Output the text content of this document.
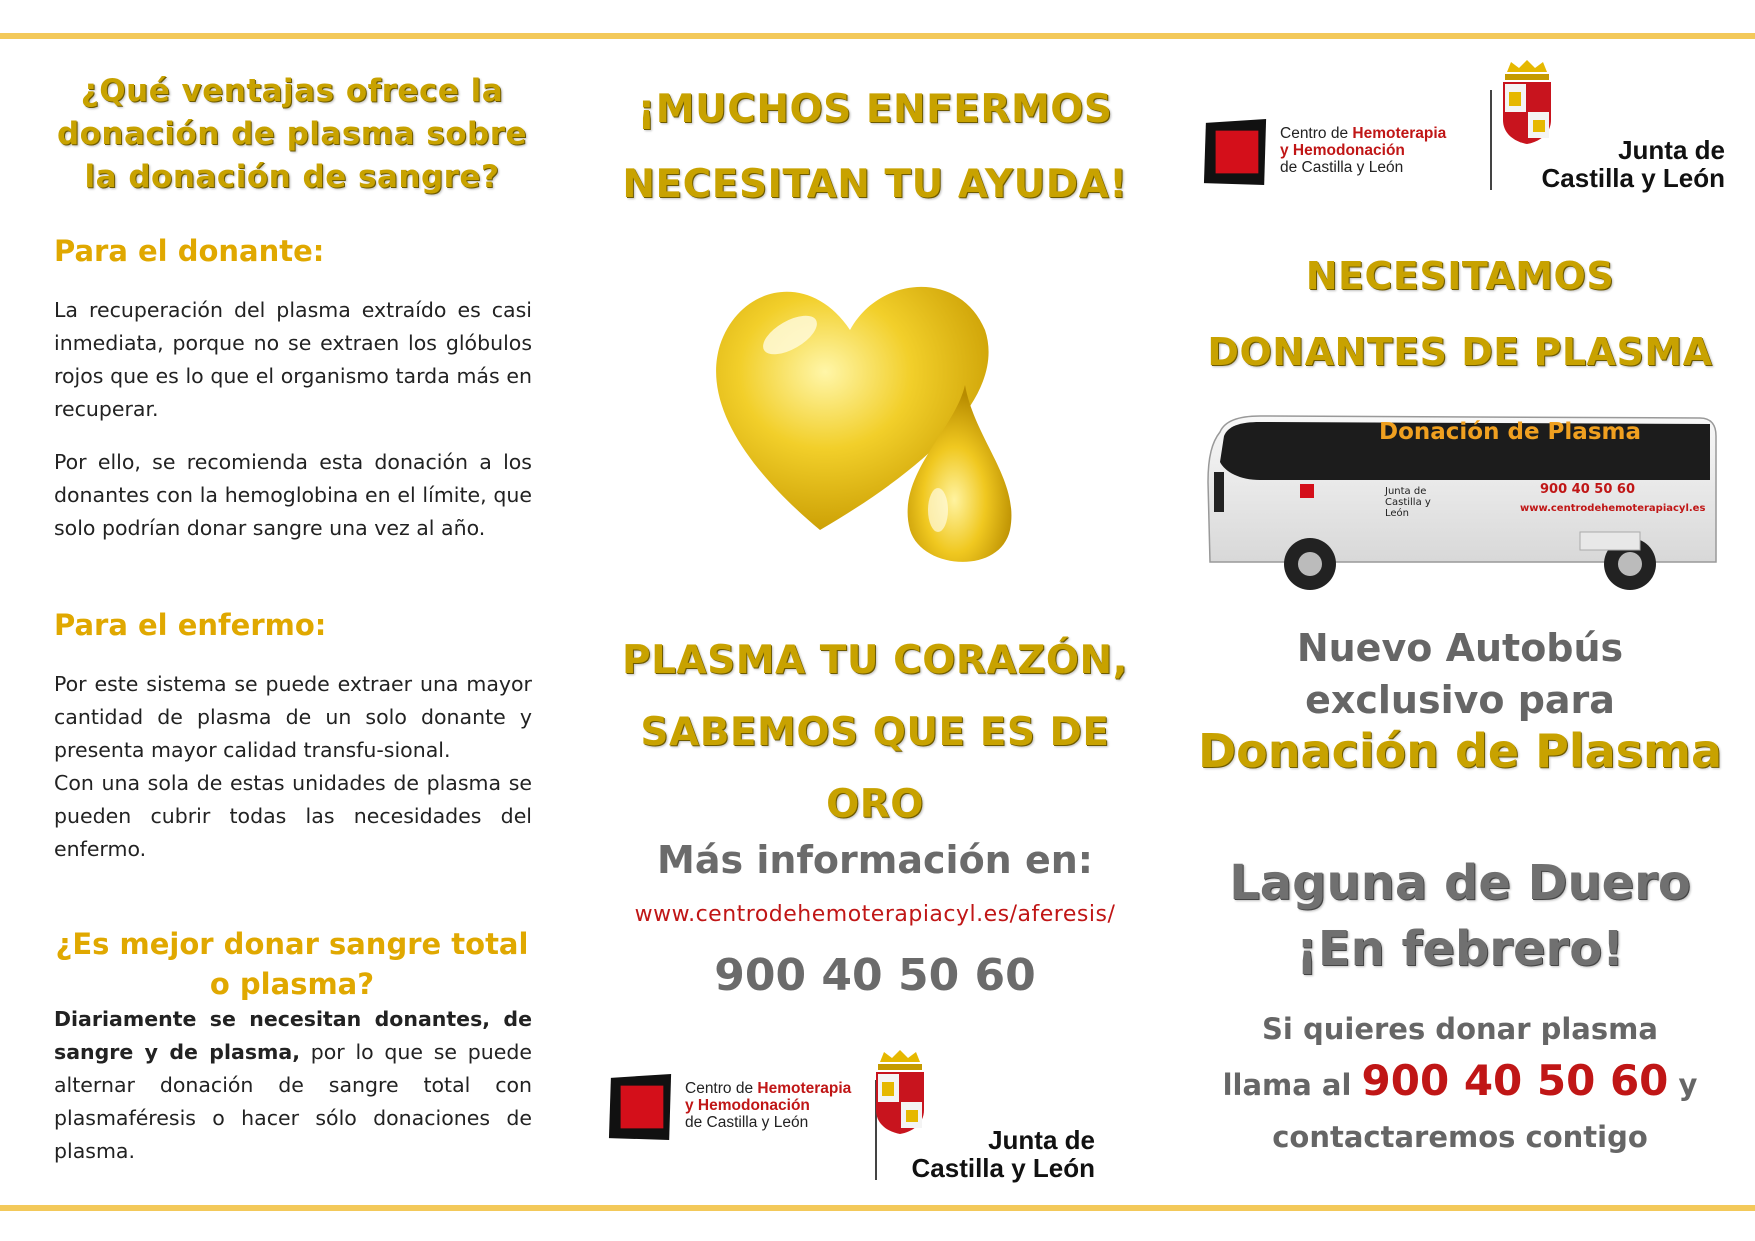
¿Qué ventajas ofrece la donación de plasma sobre la donación de sangre?
Para el donante:
La recuperación del plasma extraído es casi inmediata, porque no se extraen los glóbulos rojos que es lo que el organismo tarda más en recuperar.
Por ello, se recomienda esta donación a los donantes con la hemoglobina en el límite, que solo podrían donar sangre una vez al año.
Para el enfermo:
Por este sistema se puede extraer una mayor cantidad de plasma de un solo donante y presenta mayor calidad transfu-sional.
Con una sola de estas unidades de plasma se pueden cubrir todas las necesidades del enfermo.
¿Es mejor donar sangre total o plasma?
Diariamente se necesitan donantes, de sangre y de plasma, por lo que se puede alternar donación de sangre total con plasmaféresis o hacer sólo donaciones de plasma.
¡MUCHOS ENFERMOS
NECESITAN TU AYUDA!
PLASMA TU CORAZÓN,
SABEMOS QUE ES DE ORO
Más información en:
www.centrodehemoterapiacyl.es/aferesis/
900 40 50 60
Centro de Hemoterapia
y Hemodonación
de Castilla y León
Junta de
Castilla y León
Centro de Hemoterapia
y Hemodonación
de Castilla y León
Junta de
Castilla y León
NECESITAMOS
DONANTES DE PLASMA
Donación de Plasma
900 40 50 60
www.centrodehemoterapiacyl.es
Junta de Castilla y León
Nuevo Autobús
exclusivo para
Donación de Plasma
Laguna de Duero
¡En febrero!
Si quieres donar plasma
llama al 900 40 50 60 y
contactaremos contigo
